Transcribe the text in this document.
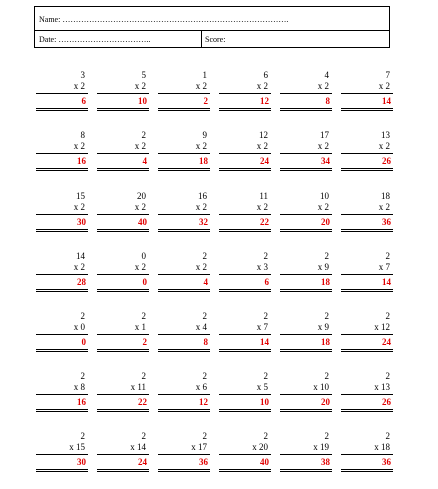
Name: ………………………………………………………………………….
Date: ……………………………..	Score:
3
x 2
6
5
x 2
10
1
x 2
2
6
x 2
12
4
x 2
8
7
x 2
14
8
x 2
16
2
x 2
4
9
x 2
18
12
x 2
24
17
x 2
34
13
x 2
26
15
x 2
30
20
x 2
40
16
x 2
32
11
x 2
22
10
x 2
20
18
x 2
36
14
x 2
28
0
x 2
0
2
x 2
4
2
x 3
6
2
x 9
18
2
x 7
14
2
x 0
0
2
x 1
2
2
x 4
8
2
x 7
14
2
x 9
18
2
x 12
24
2
x 8
16
2
x 11
22
2
x 6
12
2
x 5
10
2
x 10
20
2
x 13
26
2
x 15
30
2
x 14
24
2
x 17
36
2
x 20
40
2
x 19
38
2
x 18
36
